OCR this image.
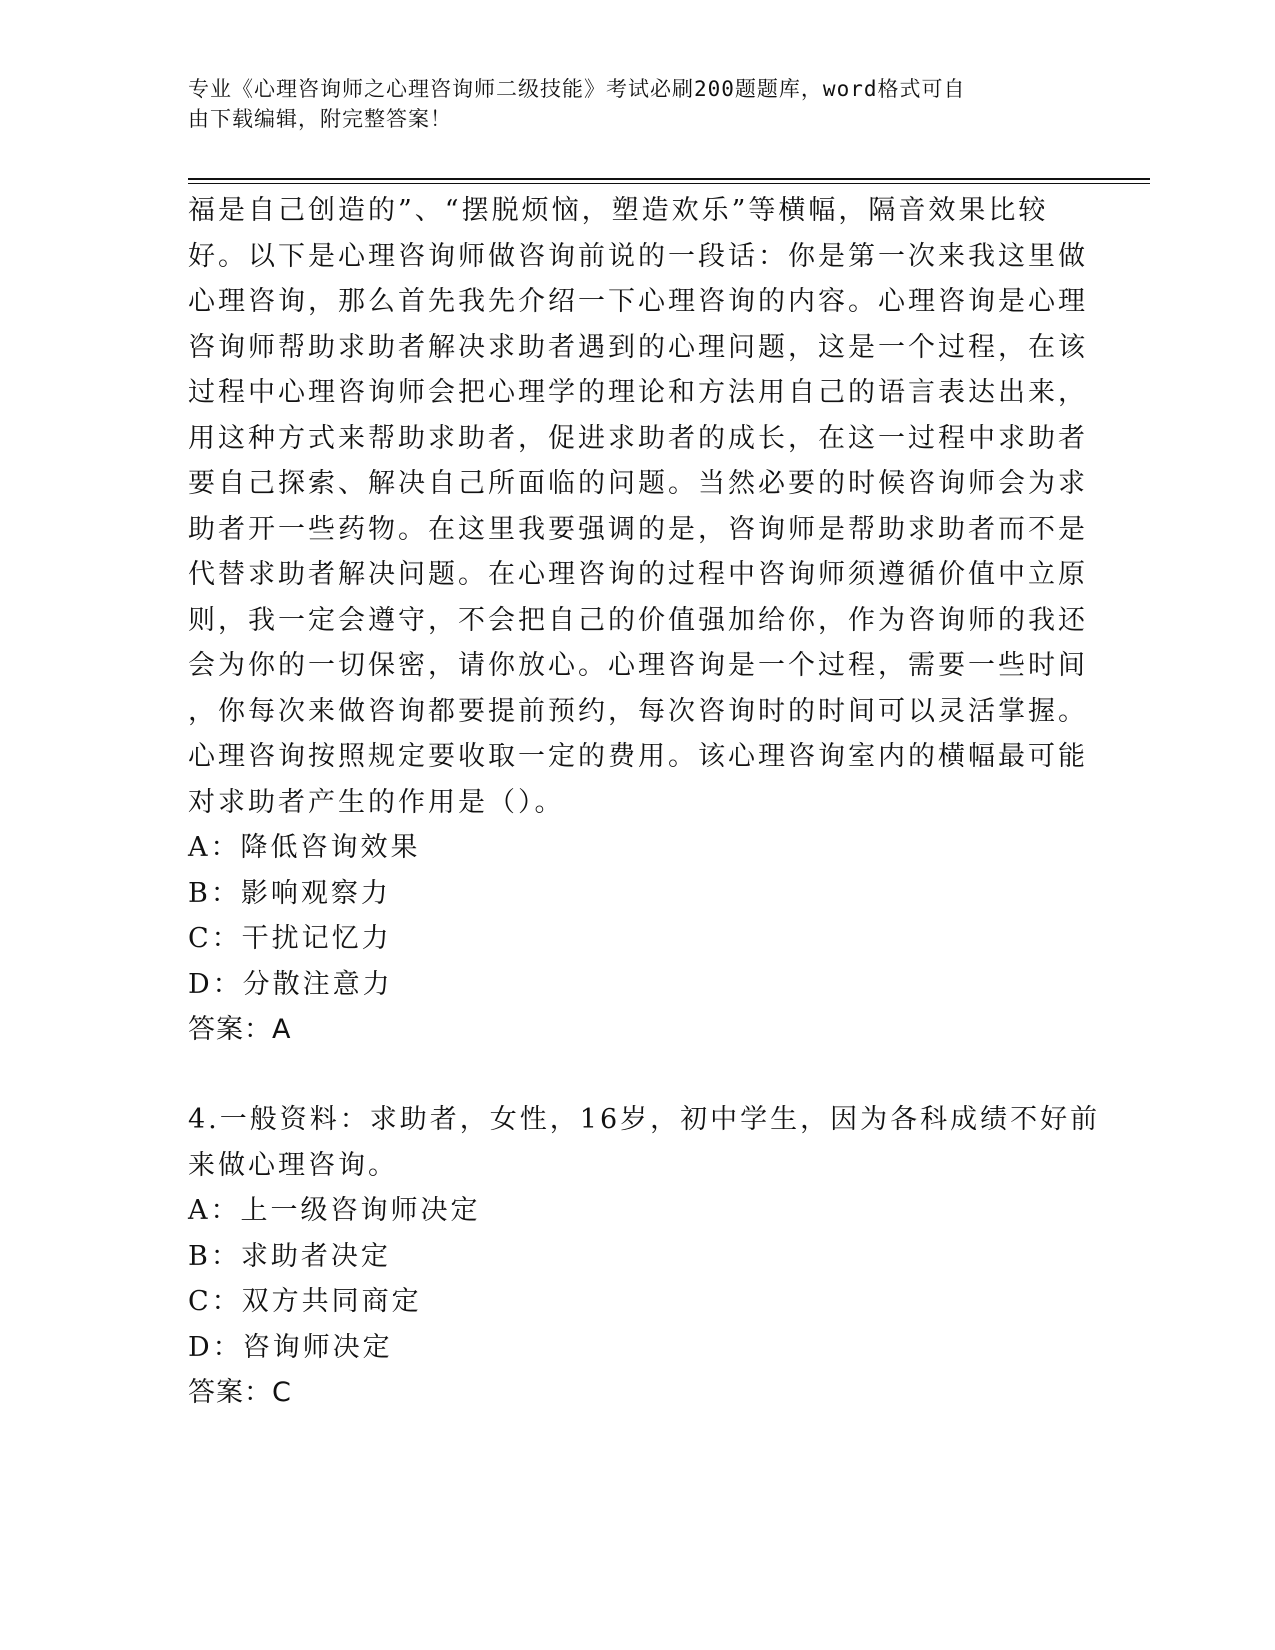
专业《心理咨询师之心理咨询师二级技能》考试必刷200题题库，word格式可自
由下载编辑，附完整答案！
福是自己创造的”、“摆脱烦恼，塑造欢乐”等横幅，隔音效果比较
好。以下是心理咨询师做咨询前说的一段话：你是第一次来我这里做
心理咨询，那么首先我先介绍一下心理咨询的内容。心理咨询是心理
咨询师帮助求助者解决求助者遇到的心理问题，这是一个过程，在该
过程中心理咨询师会把心理学的理论和方法用自己的语言表达出来，
用这种方式来帮助求助者，促进求助者的成长，在这一过程中求助者
要自己探索、解决自己所面临的问题。当然必要的时候咨询师会为求
助者开一些药物。在这里我要强调的是，咨询师是帮助求助者而不是
代替求助者解决问题。在心理咨询的过程中咨询师须遵循价值中立原
则，我一定会遵守，不会把自己的价值强加给你，作为咨询师的我还
会为你的一切保密，请你放心。心理咨询是一个过程，需要一些时间
，你每次来做咨询都要提前预约，每次咨询时的时间可以灵活掌握。
心理咨询按照规定要收取一定的费用。该心理咨询室内的横幅最可能
对求助者产生的作用是（）。
A：降低咨询效果
B：影响观察力
C：干扰记忆力
D：分散注意力
答案：A
4.一般资料：求助者，女性，16岁，初中学生，因为各科成绩不好前
来做心理咨询。
A：上一级咨询师决定
B：求助者决定
C：双方共同商定
D：咨询师决定
答案：C
